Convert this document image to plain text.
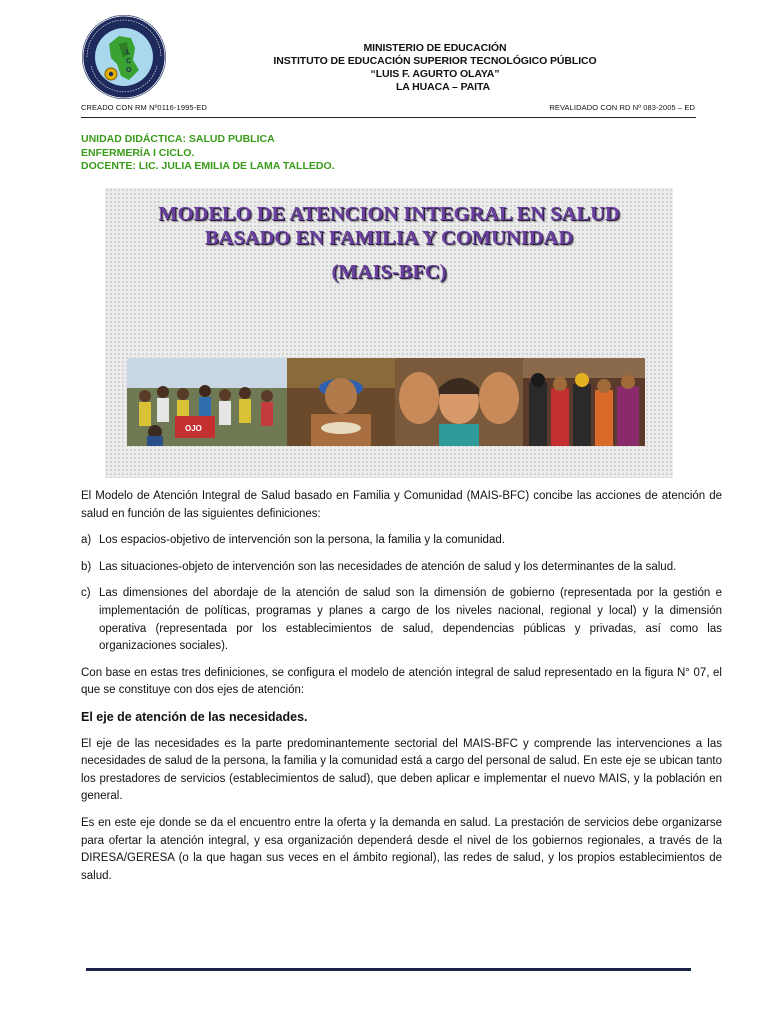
L
C
O
MINISTERIO DE EDUCACIÓN
INSTITUTO DE EDUCACIÓN SUPERIOR TECNOLÓGICO PÚBLICO
“LUIS F. AGURTO OLAYA”
LA HUACA – PAITA
CREADO CON RM Nº0116-1995-ED	REVALIDADO CON RD Nº 083-2005 – ED
UNIDAD DIDÁCTICA: SALUD PUBLICA
ENFERMERÍA I CICLO.
DOCENTE: LIC. JULIA EMILIA DE LAMA TALLEDO.
MODELO DE ATENCION INTEGRAL EN SALUD
BASADO EN FAMILIA Y COMUNIDAD
(MAIS-BFC)
OJO

El Modelo de Atención Integral de Salud basado en Familia y Comunidad (MAIS-BFC) concibe las acciones de atención de salud en función de las siguientes definiciones:

a) Los espacios-objetivo de intervención son la persona, la familia y la comunidad.
b) Las situaciones-objeto de intervención son las necesidades de atención de salud y los determinantes de la salud.
c) Las dimensiones del abordaje de la atención de salud son la dimensión de gobierno (representada por la gestión e implementación de políticas, programas y planes a cargo de los niveles nacional, regional y local) y la dimensión operativa (representada por los establecimientos de salud, dependencias públicas y privadas, así como las organizaciones sociales).

Con base en estas tres definiciones, se configura el modelo de atención integral de salud representado en la figura N° 07, el que se constituye con dos ejes de atención:

El eje de atención de las necesidades.

El eje de las necesidades es la parte predominantemente sectorial del MAIS-BFC y comprende las intervenciones a las necesidades de salud de la persona, la familia y la comunidad está a cargo del personal de salud. En este eje se ubican tanto los prestadores de servicios (establecimientos de salud), que deben aplicar e implementar el nuevo MAIS, y la población en general.

Es en este eje donde se da el encuentro entre la oferta y la demanda en salud. La prestación de servicios debe organizarse para ofertar la atención integral, y esa organización dependerá desde el nivel de los gobiernos regionales, a través de la DIRESA/GERESA (o la que hagan sus veces en el ámbito regional), las redes de salud, y los propios establecimientos de salud.
